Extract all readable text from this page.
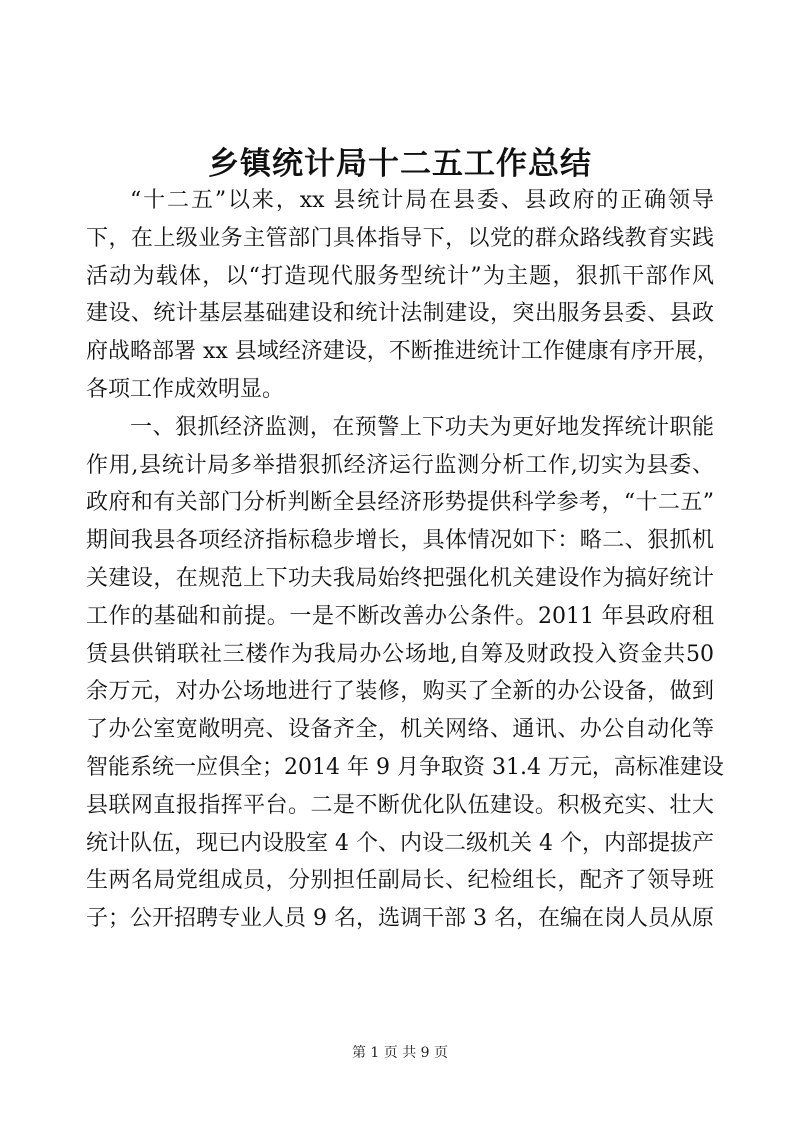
乡镇统计局十二五工作总结
“十二五”以来，xx 县统计局在县委、县政府的正确领导
下，在上级业务主管部门具体指导下，以党的群众路线教育实践
活动为载体，以“打造现代服务型统计”为主题，狠抓干部作风
建设、统计基层基础建设和统计法制建设，突出服务县委、县政
府战略部署 xx 县域经济建设，不断推进统计工作健康有序开展，
各项工作成效明显。
一、狠抓经济监测，在预警上下功夫为更好地发挥统计职能
作用,县统计局多举措狠抓经济运行监测分析工作,切实为县委、
政府和有关部门分析判断全县经济形势提供科学参考，“十二五”
期间我县各项经济指标稳步增长，具体情况如下：略二、狠抓机
关建设，在规范上下功夫我局始终把强化机关建设作为搞好统计
工作的基础和前提。一是不断改善办公条件。2011 年县政府租
赁县供销联社三楼作为我局办公场地,自筹及财政投入资金共50
余万元，对办公场地进行了装修，购买了全新的办公设备，做到
了办公室宽敞明亮、设备齐全，机关网络、通讯、办公自动化等
智能系统一应俱全；2014 年 9 月争取资 31.4 万元，高标准建设
县联网直报指挥平台。二是不断优化队伍建设。积极充实、壮大
统计队伍，现已内设股室 4 个、内设二级机关 4 个，内部提拔产
生两名局党组成员，分别担任副局长、纪检组长，配齐了领导班
子；公开招聘专业人员 9 名，选调干部 3 名，在编在岗人员从原

第 1 页 共 9 页
